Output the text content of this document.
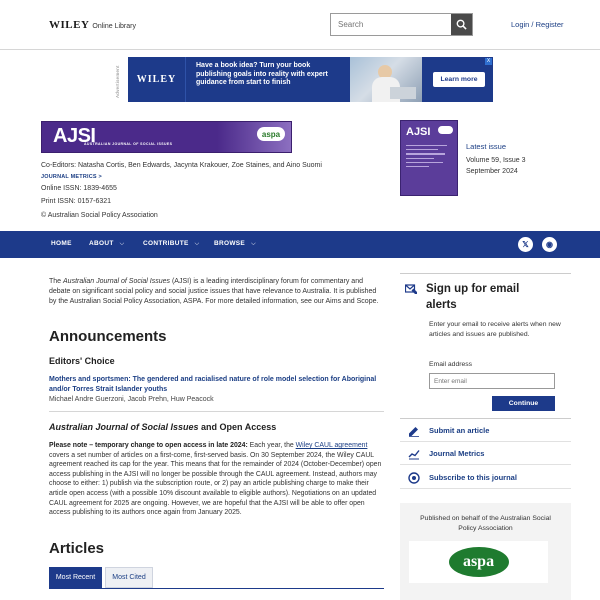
WILEY Online Library
Search	Login / Register
Advertisement	WILEY
Have a book idea? Turn your book publishing goals into reality with expert guidance from start to finish	Learn more
X
AJSI
AUSTRALIAN JOURNAL OF SOCIAL ISSUES
aspa
Co-Editors: Natasha Cortis, Ben Edwards, Jacynta Krakouer, Zoe Staines, and Aino Suomi
JOURNAL METRICS >
Online ISSN: 1839-4655
Print ISSN: 0157-6321
© Australian Social Policy Association
AJSI
Latest issue
Volume 59, Issue 3
September 2024
HOME	ABOUT ⌵	CONTRIBUTE ⌵ BROWSE ⌵	𝕏	◉
The Australian Journal of Social Issues (AJSI) is a leading interdisciplinary forum for commentary and debate on significant social policy and social justice issues that have relevance to Australia. It is published by the Australian Social Policy Association, ASPA. For more detailed information, see our Aims and Scope.
Announcements
Editors' Choice
Mothers and sportsmen: The gendered and racialised nature of role model selection for Aboriginal and/or Torres Strait Islander youths
Michael Andre Guerzoni, Jacob Prehn, Huw Peacock
Australian Journal of Social Issues and Open Access
Please note – temporary change to open access in late 2024: Each year, the Wiley CAUL agreement covers a set number of articles on a first-come, first-served basis. On 30 September 2024, the Wiley CAUL agreement reached its cap for the year. This means that for the remainder of 2024 (October-December) open access publishing in the AJSI will no longer be possible through the CAUL agreement. Instead, authors may choose to either: 1) publish via the subscription route, or 2) pay an article publishing charge to make their article open access (with a possible 10% discount available to eligible authors). Negotiations on an updated CAUL agreement for 2025 are ongoing. However, we are hopeful that the AJSI will be able to offer open access publishing to its authors once again from January 2025.
Articles
Most Recent	Most Cited
Sign up for email alerts
Enter your email to receive alerts when new articles and issues are published.
Email address
Enter email
Continue
Submit an article
Journal Metrics
Subscribe to this journal
Published on behalf of the Australian Social Policy Association
aspa
